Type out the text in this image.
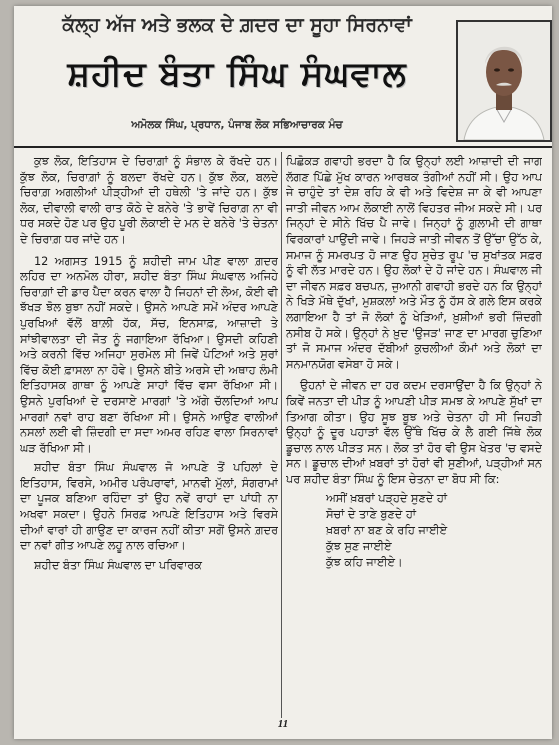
ਕੱਲ੍ਹ ਅੱਜ ਅਤੇ ਭਲਕ ਦੇ ਗ਼ਦਰ ਦਾ ਸੂਹਾ ਸਿਰਨਾਵਾਂ
ਸ਼ਹੀਦ ਬੰਤਾ ਸਿੰਘ ਸੰਘਵਾਲ
ਅਮੋਲਕ ਸਿੰਘ, ਪ੍ਰਧਾਨ, ਪੰਜਾਬ ਲੋਕ ਸਭਿਆਚਾਰਕ ਮੰਚ

ਕੁਝ ਲੋਕ, ਇਤਿਹਾਸ ਦੇ ਚਿਰਾਗ਼ਾਂ ਨੂੰ ਸੰਭਾਲ ਕੇ ਰੱਖਦੇ ਹਨ। ਕੁੱਝ ਲੋਕ, ਚਿਰਾਗ਼ਾਂ ਨੂੰ ਬਲਦਾ ਰੱਖਦੇ ਹਨ। ਕੁੱਝ ਲੋਕ, ਬਲਦੇ ਚਿਰਾਗ਼ ਅਗਲੀਆਂ ਪੀੜ੍ਹੀਆਂ ਦੀ ਹਥੇਲੀ 'ਤੇ ਜਾਂਦੇ ਹਨ। ਕੁੱਝ ਲੋਕ, ਦੀਵਾਲੀ ਵਾਲੀ ਰਾਤ ਕੋਠੇ ਦੇ ਬਨੇਰੇ 'ਤੇ ਭਾਵੇਂ ਚਿਰਾਗ਼ ਨਾ ਵੀ ਧਰ ਸਕਦੇ ਹੋਣ ਪਰ ਉਹ ਪੂਰੀ ਲੋਕਾਈ ਦੇ ਮਨ ਦੇ ਬਨੇਰੇ 'ਤੇ ਚੇਤਨਾ ਦੇ ਚਿਰਾਗ਼ ਧਰ ਜਾਂਦੇ ਹਨ।

12 ਅਗਸਤ 1915 ਨੂੰ ਸ਼ਹੀਦੀ ਜਾਮ ਪੀਣ ਵਾਲਾ ਗ਼ਦਰ ਲਹਿਰ ਦਾ ਅਨਮੋਲ ਹੀਰਾ, ਸ਼ਹੀਦ ਬੰਤਾ ਸਿੰਘ ਸੰਘਵਾਲ ਅਜਿਹੇ ਚਿਰਾਗ਼ਾਂ ਦੀ ਡਾਰ ਪੈਦਾ ਕਰਨ ਵਾਲਾ ਹੈ ਜਿਹਨਾਂ ਦੀ ਲੋਅ, ਕੋਈ ਵੀ ਝੱਖੜ ਝੋਲ ਬੁਝਾ ਨਹੀਂ ਸਕਦੇ। ਉਸਨੇ ਆਪਣੇ ਸਮੇਂ ਅੰਦਰ ਆਪਣੇ ਪੁਰਖਿਆਂ ਵੱਲੋਂ ਬਾਲ਼ੀ ਹੱਕ, ਸੱਚ, ਇਨਸਾਫ਼, ਆਜ਼ਾਦੀ ਤੇ ਸਾਂਝੀਵਾਲਤਾ ਦੀ ਜੋਤ ਨੂੰ ਜਗਾਇਆ ਰੱਖਿਆ। ਉਸਦੀ ਕਹਿਣੀ ਅਤੇ ਕਰਨੀ ਵਿੱਚ ਅਜਿਹਾ ਸੁਰਮੇਲ ਸੀ ਜਿਵੇਂ ਪੋਟਿਆਂ ਅਤੇ ਸੁਰਾਂ ਵਿੱਚ ਕੋਈ ਫ਼ਾਸਲਾ ਨਾ ਹੋਵੇ। ਉਸਨੇ ਬੀਤੇ ਅਰਸੇ ਦੀ ਅਥਾਹ ਲੰਮੀ ਇਤਿਹਾਸਕ ਗਾਥਾ ਨੂੰ ਆਪਣੇ ਸਾਹਾਂ ਵਿੱਚ ਵਸਾ ਰੱਖਿਆ ਸੀ। ਉਸਨੇ ਪੁਰਖਿਆਂ ਦੇ ਦਰਸਾਏ ਮਾਰਗਾਂ 'ਤੇ ਅੱਗੇ ਚੱਲਦਿਆਂ ਆਪ ਮਾਰਗਾਂ ਨਵਾਂ ਰਾਹ ਬਣਾ ਰੱਖਿਆ ਸੀ। ਉਸਨੇ ਆਉਣ ਵਾਲੀਆਂ ਨਸਲਾਂ ਲਈ ਵੀ ਜ਼ਿੰਦਗੀ ਦਾ ਸਦਾ ਅਮਰ ਰਹਿਣ ਵਾਲਾ ਸਿਰਨਾਵਾਂ ਘੜ ਰੱਖਿਆ ਸੀ।

ਸ਼ਹੀਦ ਬੰਤਾ ਸਿੰਘ ਸੰਘਵਾਲ ਜੋ ਆਪਣੇ ਤੋਂ ਪਹਿਲਾਂ ਦੇ ਇਤਿਹਾਸ, ਵਿਰਸੇ, ਅਮੀਰ ਪਰੰਪਰਾਵਾਂ, ਮਾਨਵੀ ਮੁੱਲਾਂ, ਸੰਗਰਾਮਾਂ ਦਾ ਪੂਜਕ ਬਣਿਆ ਰਹਿੰਦਾ ਤਾਂ ਉਹ ਨਵੇਂ ਰਾਹਾਂ ਦਾ ਪਾਂਧੀ ਨਾ ਅਖਵਾ ਸਕਦਾ। ਉਹਨੇ ਸਿਰਫ਼ ਆਪਣੇ ਇਤਿਹਾਸ ਅਤੇ ਵਿਰਸੇ ਦੀਆਂ ਵਾਰਾਂ ਹੀ ਗਾਉਣ ਦਾ ਕਾਰਜ ਨਹੀਂ ਕੀਤਾ ਸਗੋਂ ਉਸਨੇ ਗ਼ਦਰ ਦਾ ਨਵਾਂ ਗੀਤ ਆਪਣੇ ਲਹੂ ਨਾਲ ਰਚਿਆ।

ਸ਼ਹੀਦ ਬੰਤਾ ਸਿੰਘ ਸੰਘਵਾਲ ਦਾ ਪਰਿਵਾਰਕ

ਪਿਛੋਕੜ ਗਵਾਹੀ ਭਰਦਾ ਹੈ ਕਿ ਉਨ੍ਹਾਂ ਲਈ ਆਜ਼ਾਦੀ ਦੀ ਜਾਗ ਲੱਗਣ ਪਿੱਛੇ ਮੁੱਖ ਕਾਰਨ ਆਰਥਕ ਤੰਗੀਆਂ ਨਹੀਂ ਸੀ। ਉਹ ਆਪ ਜੇ ਚਾਹੁੰਦੇ ਤਾਂ ਦੇਸ਼ ਰਹਿ ਕੇ ਵੀ ਅਤੇ ਵਿਦੇਸ਼ ਜਾ ਕੇ ਵੀ ਆਪਣਾ ਜਾਤੀ ਜੀਵਨ ਆਮ ਲੋਕਾਈ ਨਾਲੋਂ ਵਿਹਤਰ ਜੀਅ ਸਕਦੇ ਸੀ। ਪਰ ਜਿਨ੍ਹਾਂ ਦੇ ਸੀਨੇ ਖਿੱਚ ਪੈ ਜਾਵੇ। ਜਿਨ੍ਹਾਂ ਨੂੰ ਗ਼ੁਲਾਮੀ ਦੀ ਗਾਥਾ ਵਿਰਕਾਰਾਂ ਪਾਉਂਦੀ ਜਾਵੇ। ਜਿਹੜੇ ਜਾਤੀ ਜੀਵਨ ਤੋਂ ਉੱਚਾ ਉੱਠ ਕੇ, ਸਮਾਜ ਨੂੰ ਸਮਰਪਤ ਹੋ ਜਾਣ ਉਹ ਸੁਚੇਤ ਰੂਪ 'ਚ ਸੁਖਾਂਤਕ ਸਫ਼ਰ ਨੂੰ ਵੀ ਲੱਤ ਮਾਰਦੇ ਹਨ। ਉਹ ਲੋਕਾਂ ਦੇ ਹੋ ਜਾਂਦੇ ਹਨ। ਸੰਘਵਾਲ ਜੀ ਦਾ ਜੀਵਨ ਸਫ਼ਰ ਬਚਪਨ, ਜੁਆਨੀ ਗਵਾਹੀ ਭਰਦੇ ਹਨ ਕਿ ਉਨ੍ਹਾਂ ਨੇ ਖਿੜੇ ਮੱਥੇ ਦੁੱਖਾਂ, ਮੁਸ਼ਕਲਾਂ ਅਤੇ ਮੌਤ ਨੂੰ ਹੱਸ ਕੇ ਗਲੇ ਇਸ ਕਰਕੇ ਲਗਾਇਆ ਹੈ ਤਾਂ ਜੋ ਲੋਕਾਂ ਨੂੰ ਖੇੜਿਆਂ, ਖ਼ੁਸ਼ੀਆਂ ਭਰੀ ਜ਼ਿੰਦਗੀ ਨਸੀਬ ਹੋ ਸਕੇ। ਉਨ੍ਹਾਂ ਨੇ ਖ਼ੁਦ 'ਉਜੜ' ਜਾਣ ਦਾ ਮਾਰਗ ਚੁਣਿਆ ਤਾਂ ਜੋ ਸਮਾਜ ਅੰਦਰ ਦੱਬੀਆਂ ਕੁਚਲੀਆਂ ਕੌਮਾਂ ਅਤੇ ਲੋਕਾਂ ਦਾ ਸਨਮਾਨਯੋਗ ਵਸੇਬਾ ਹੋ ਸਕੇ।

ਉਹਨਾਂ ਦੇ ਜੀਵਨ ਦਾ ਹਰ ਕਦਮ ਦਰਸਾਉਂਦਾ ਹੈ ਕਿ ਉਨ੍ਹਾਂ ਨੇ ਕਿਵੇਂ ਜਨਤਾ ਦੀ ਪੀੜ ਨੂੰ ਆਪਣੀ ਪੀੜ ਸਮਝ ਕੇ ਆਪਣੇ ਸੁੱਖਾਂ ਦਾ ਤਿਆਗ ਕੀਤਾ। ਉਹ ਸੂਝ ਬੂਝ ਅਤੇ ਚੇਤਨਾ ਹੀ ਸੀ ਜਿਹੜੀ ਉਨ੍ਹਾਂ ਨੂੰ ਦੂਰ ਪਹਾੜਾਂ ਵੱਲ ਉੱਥੇ ਖਿੱਚ ਕੇ ਲੈ ਗਈ ਜਿੱਥੇ ਲੋਕ ਡੂਚਾਲ ਨਾਲ ਪੀੜਤ ਸਨ। ਲੋਕ ਤਾਂ ਹੋਰ ਵੀ ਉਸ ਖੇਤਰ 'ਚ ਵਸਦੇ ਸਨ। ਡੂਚਾਲ ਦੀਆਂ ਖ਼ਬਰਾਂ ਤਾਂ ਹੋਰਾਂ ਵੀ ਸੁਣੀਆਂ, ਪੜ੍ਹੀਆਂ ਸਨ ਪਰ ਸ਼ਹੀਦ ਬੰਤਾ ਸਿੰਘ ਨੂੰ ਇਸ ਚੇਤਨਾ ਦਾ ਬੋਧ ਸੀ ਕਿ:

ਅਸੀਂ ਖ਼ਬਰਾਂ ਪੜ੍ਹਦੇ ਸੁਣਦੇ ਹਾਂ
ਸੋਚਾਂ ਦੇ ਤਾਣੇ ਬੁਣਦੇ ਹਾਂ
ਖ਼ਬਰਾਂ ਨਾ ਬਣ ਕੇ ਰਹਿ ਜਾਈਏ
ਕੁੱਝ ਸੁਣ ਜਾਈਏ
ਕੁੱਝ ਕਹਿ ਜਾਈਏ।
11
